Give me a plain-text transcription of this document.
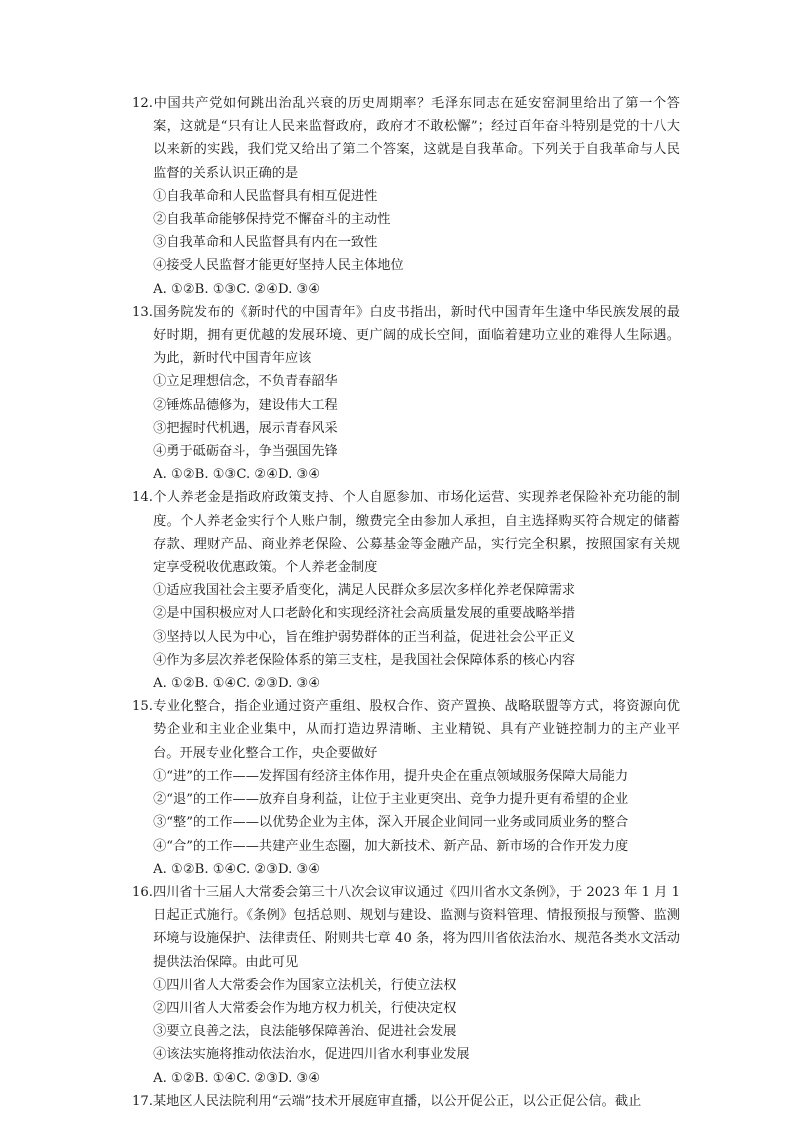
12.中国共产党如何跳出治乱兴衰的历史周期率？毛泽东同志在延安窑洞里给出了第一个答案，这就是“只有让人民来监督政府，政府才不敢松懈”；经过百年奋斗特别是党的十八大以来新的实践，我们党又给出了第二个答案，这就是自我革命。下列关于自我革命与人民监督的关系认识正确的是

①自我革命和人民监督具有相互促进性
②自我革命能够保持党不懈奋斗的主动性
③自我革命和人民监督具有内在一致性
④接受人民监督才能更好坚持人民主体地位
A. ①②B. ①③C. ②④D. ③④

13.国务院发布的《新时代的中国青年》白皮书指出，新时代中国青年生逢中华民族发展的最好时期，拥有更优越的发展环境、更广阔的成长空间，面临着建功立业的难得人生际遇。为此，新时代中国青年应该

①立足理想信念，不负青春韶华
②锤炼品德修为，建设伟大工程
③把握时代机遇，展示青春风采
④勇于砥砺奋斗，争当强国先锋
A. ①②B. ①③C. ②④D. ③④

14.个人养老金是指政府政策支持、个人自愿参加、市场化运营、实现养老保险补充功能的制度。个人养老金实行个人账户制，缴费完全由参加人承担，自主选择购买符合规定的储蓄存款、理财产品、商业养老保险、公募基金等金融产品，实行完全积累，按照国家有关规定享受税收优惠政策。个人养老金制度

①适应我国社会主要矛盾变化，满足人民群众多层次多样化养老保障需求
②是中国积极应对人口老龄化和实现经济社会高质量发展的重要战略举措
③坚持以人民为中心，旨在维护弱势群体的正当利益，促进社会公平正义
④作为多层次养老保险体系的第三支柱，是我国社会保障体系的核心内容
A. ①②B. ①④C. ②③D. ③④

15.专业化整合，指企业通过资产重组、股权合作、资产置换、战略联盟等方式，将资源向优势企业和主业企业集中，从而打造边界清晰、主业精锐、具有产业链控制力的主产业平台。开展专业化整合工作，央企要做好

①“进”的工作——发挥国有经济主体作用，提升央企在重点领域服务保障大局能力
②“退”的工作——放弃自身利益，让位于主业更突出、竞争力提升更有希望的企业
③“整”的工作——以优势企业为主体，深入开展企业间同一业务或同质业务的整合
④“合”的工作——共建产业生态圈，加大新技术、新产品、新市场的合作开发力度
A. ①②B. ①④C. ②③D. ③④

16.四川省十三届人大常委会第三十八次会议审议通过《四川省水文条例》，于 2023 年 1 月 1 日起正式施行。《条例》包括总则、规划与建设、监测与资料管理、情报预报与预警、监测环境与设施保护、法律责任、附则共七章 40 条，将为四川省依法治水、规范各类水文活动提供法治保障。由此可见

①四川省人大常委会作为国家立法机关，行使立法权
②四川省人大常委会作为地方权力机关，行使决定权
③要立良善之法，良法能够保障善治、促进社会发展
④该法实施将推动依法治水，促进四川省水利事业发展
A. ①②B. ①④C. ②③D. ③④

17.某地区人民法院利用“云端”技术开展庭审直播，以公开促公正，以公正促公信。截止
